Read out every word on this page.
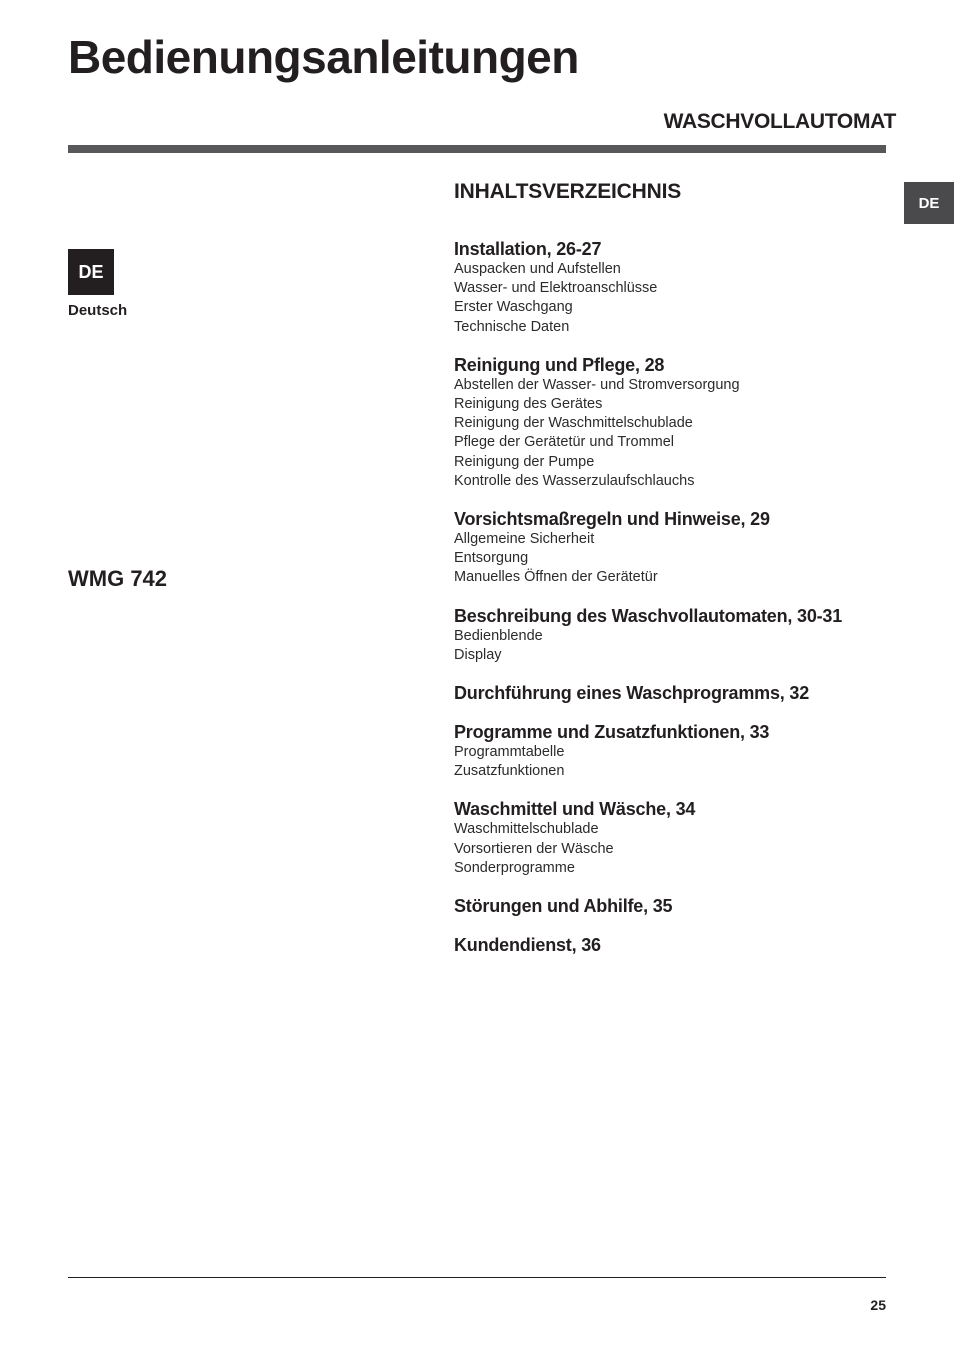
Bedienungsanleitungen
WASCHVOLLAUTOMAT
DE
DE
Deutsch
WMG 742
INHALTSVERZEICHNIS
Installation, 26-27
Auspacken und Aufstellen
Wasser- und Elektroanschlüsse
Erster Waschgang
Technische Daten
Reinigung und Pflege, 28
Abstellen der Wasser- und Stromversorgung
Reinigung des Gerätes
Reinigung der Waschmittelschublade
Pflege der Gerätetür und Trommel
Reinigung der Pumpe
Kontrolle des Wasserzulaufschlauchs
Vorsichtsmaßregeln und Hinweise, 29
Allgemeine Sicherheit
Entsorgung
Manuelles Öffnen der Gerätetür
Beschreibung des Waschvollautomaten, 30-31
Bedienblende
Display
Durchführung eines Waschprogramms, 32
Programme und Zusatzfunktionen, 33
Programmtabelle
Zusatzfunktionen
Waschmittel und Wäsche, 34
Waschmittelschublade
Vorsortieren der Wäsche
Sonderprogramme
Störungen und Abhilfe, 35
Kundendienst, 36
25
